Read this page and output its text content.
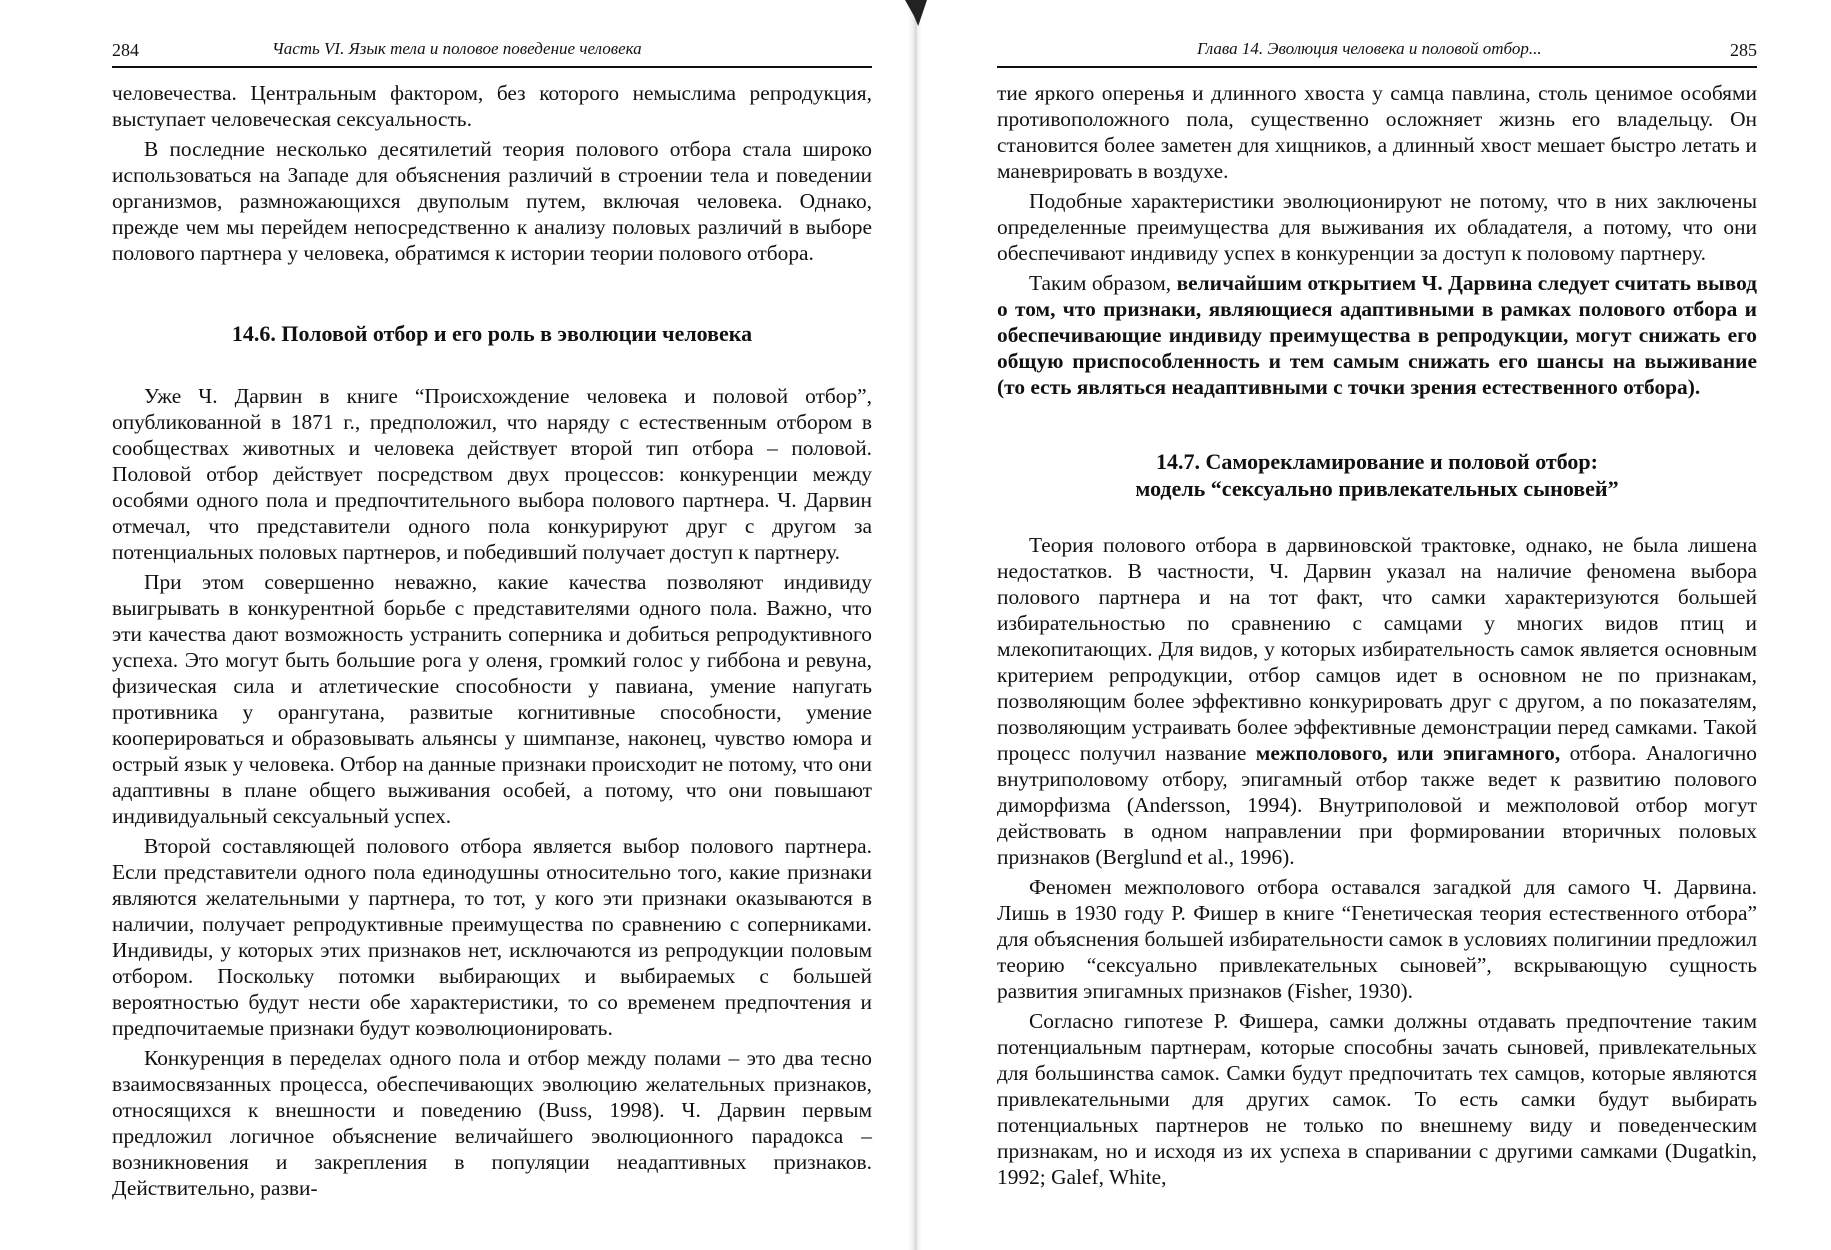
284	Часть VI. Язык тела и половое поведение человека

человечества. Центральным фактором, без которого немыслима репродукция, выступает человеческая сексуальность.

В последние несколько десятилетий теория полового отбора стала широко использоваться на Западе для объяснения различий в строении тела и поведении организмов, размножающихся двуполым путем, включая человека. Однако, прежде чем мы перейдем непосредственно к анализу половых различий в выборе полового партнера у человека, обратимся к истории теории полового отбора.

14.6. Половой отбор и его роль в эволюции человека

Уже Ч. Дарвин в книге “Происхождение человека и половой отбор”, опубликованной в 1871 г., предположил, что наряду с естественным отбором в сообществах животных и человека действует второй тип отбора – половой. Половой отбор действует посредством двух процессов: конкуренции между особями одного пола и предпочтительного выбора полового партнера. Ч. Дарвин отмечал, что представители одного пола конкурируют друг с другом за потенциальных половых партнеров, и победивший получает доступ к партнеру.

При этом совершенно неважно, какие качества позволяют индивиду выигрывать в конкурентной борьбе с представителями одного пола. Важно, что эти качества дают возможность устранить соперника и добиться репродуктивного успеха. Это могут быть большие рога у оленя, громкий голос у гиббона и ревуна, физическая сила и атлетические способности у павиана, умение напугать противника у орангутана, развитые когнитивные способности, умение кооперироваться и образовывать альянсы у шимпанзе, наконец, чувство юмора и острый язык у человека. Отбор на данные признаки происходит не потому, что они адаптивны в плане общего выживания особей, а потому, что они повышают индивидуальный сексуальный успех.

Второй составляющей полового отбора является выбор полового партнера. Если представители одного пола единодушны относительно того, какие признаки являются желательными у партнера, то тот, у кого эти признаки оказываются в наличии, получает репродуктивные преимущества по сравнению с соперниками. Индивиды, у которых этих признаков нет, исключаются из репродукции половым отбором. Поскольку потомки выбирающих и выбираемых с большей вероятностью будут нести обе характеристики, то со временем предпочтения и предпочитаемые признаки будут коэволюционировать.

Конкуренция в переделах одного пола и отбор между полами – это два тесно взаимосвязанных процесса, обеспечивающих эволюцию желательных признаков, относящихся к внешности и поведению (Buss, 1998). Ч. Дарвин первым предложил логичное объяснение величайшего эволюционного парадокса – возникновения и закрепления в популяции неадаптивных признаков. Действительно, разви-

Глава 14. Эволюция человека и половой отбор...	285

тие яркого оперенья и длинного хвоста у самца павлина, столь ценимое особями противоположного пола, существенно осложняет жизнь его владельцу. Он становится более заметен для хищников, а длинный хвост мешает быстро летать и маневрировать в воздухе.

Подобные характеристики эволюционируют не потому, что в них заключены определенные преимущества для выживания их обладателя, а потому, что они обеспечивают индивиду успех в конкуренции за доступ к половому партнеру.

Таким образом, величайшим открытием Ч. Дарвина следует считать вывод о том, что признаки, являющиеся адаптивными в рамках полового отбора и обеспечивающие индивиду преимущества в репродукции, могут снижать его общую приспособленность и тем самым снижать его шансы на выживание (то есть являться неадаптивными с точки зрения естественного отбора).

14.7. Самореклaмирование и половой отбор:
модель “сексуально привлекательных сыновей”

Теория полового отбора в дарвиновской трактовке, однако, не была лишена недостатков. В частности, Ч. Дарвин указал на наличие феномена выбора полового партнера и на тот факт, что самки характеризуются большей избирательностью по сравнению с самцами у многих видов птиц и млекопитающих. Для видов, у которых избирательность самок является основным критерием репродукции, отбор самцов идет в основном не по признакам, позволяющим более эффективно конкурировать друг с другом, а по показателям, позволяющим устраивать более эффективные демонстрации перед самками. Такой процесс получил название межполового, или эпигамного, отбора. Аналогично внутриполовому отбору, эпигамный отбор также ведет к развитию полового диморфизма (Andersson, 1994). Внутриполовой и межполовой отбор могут действовать в одном направлении при формировании вторичных половых признаков (Berglund et al., 1996).

Феномен межполового отбора оставался загадкой для самого Ч. Дарвина. Лишь в 1930 году Р. Фишер в книге “Генетическая теория естественного отбора” для объяснения большей избирательности самок в условиях полигинии предложил теорию “сексуально привлекательных сыновей”, вскрывающую сущность развития эпигамных признаков (Fisher, 1930).

Согласно гипотезе Р. Фишера, самки должны отдавать предпочтение таким потенциальным партнерам, которые способны зачать сыновей, привлекательных для большинства самок. Самки будут предпочитать тех самцов, которые являются привлекательными для других самок. То есть самки будут выбирать потенциальных партнеров не только по внешнему виду и поведенческим признакам, но и исходя из их успеха в спаривании с другими самками (Dugatkin, 1992; Galef, White,
